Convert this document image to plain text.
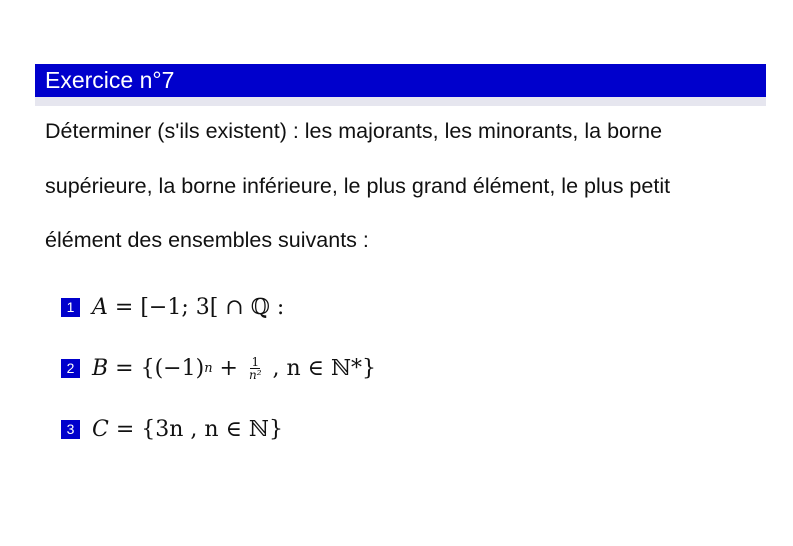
Exercice n°7
Déterminer (s'ils existent) : les majorants, les minorants, la borne
supérieure, la borne inférieure, le plus grand élément, le plus petit
élément des ensembles suivants :
1 A = [−1; 3[ ∩ ℚ :
2 B = {(−1) $n + \frac{1}{\text{n²}}$ , n ∈ ℕ*}
3 C = {3n , n ∈ ℕ}
